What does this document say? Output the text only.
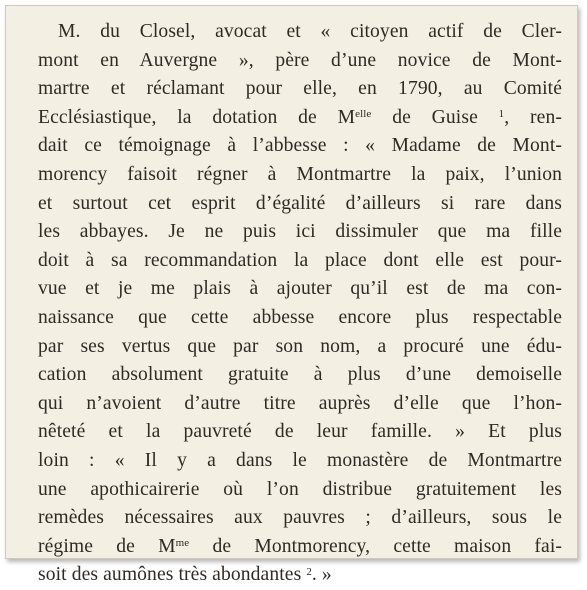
M. du Closel, avocat et « citoyen actif de Cler-
mont en Auvergne », père d’une novice de Mont-
martre et réclamant pour elle, en 1790, au Comité
Ecclésiastique, la dotation de $M^{elle}$ de Guise $^1$, ren-
dait ce témoignage à l’abbesse : « Madame de Mont-
morency faisoit régner à Montmartre la paix, l’union
et surtout cet esprit d’égalité d’ailleurs si rare dans
les abbayes. Je ne puis ici dissimuler que ma fille
doit à sa recommandation la place dont elle est pour-
vue et je me plais à ajouter qu’il est de ma con-
naissance que cette abbesse encore plus respectable
par ses vertus que par son nom, a procuré une édu-
cation absolument gratuite à plus d’une demoiselle
qui n’avoient d’autre titre auprès d’elle que l’hon-
nêteté et la pauvreté de leur famille. » Et plus
loin : « Il y a dans le monastère de Montmartre
une apothicairerie où l’on distribue gratuitement les
remèdes nécessaires aux pauvres ; d’ailleurs, sous le
régime de $M^{me}$ de Montmorency, cette maison fai-
soit des aumônes très abondantes $^2$. »
